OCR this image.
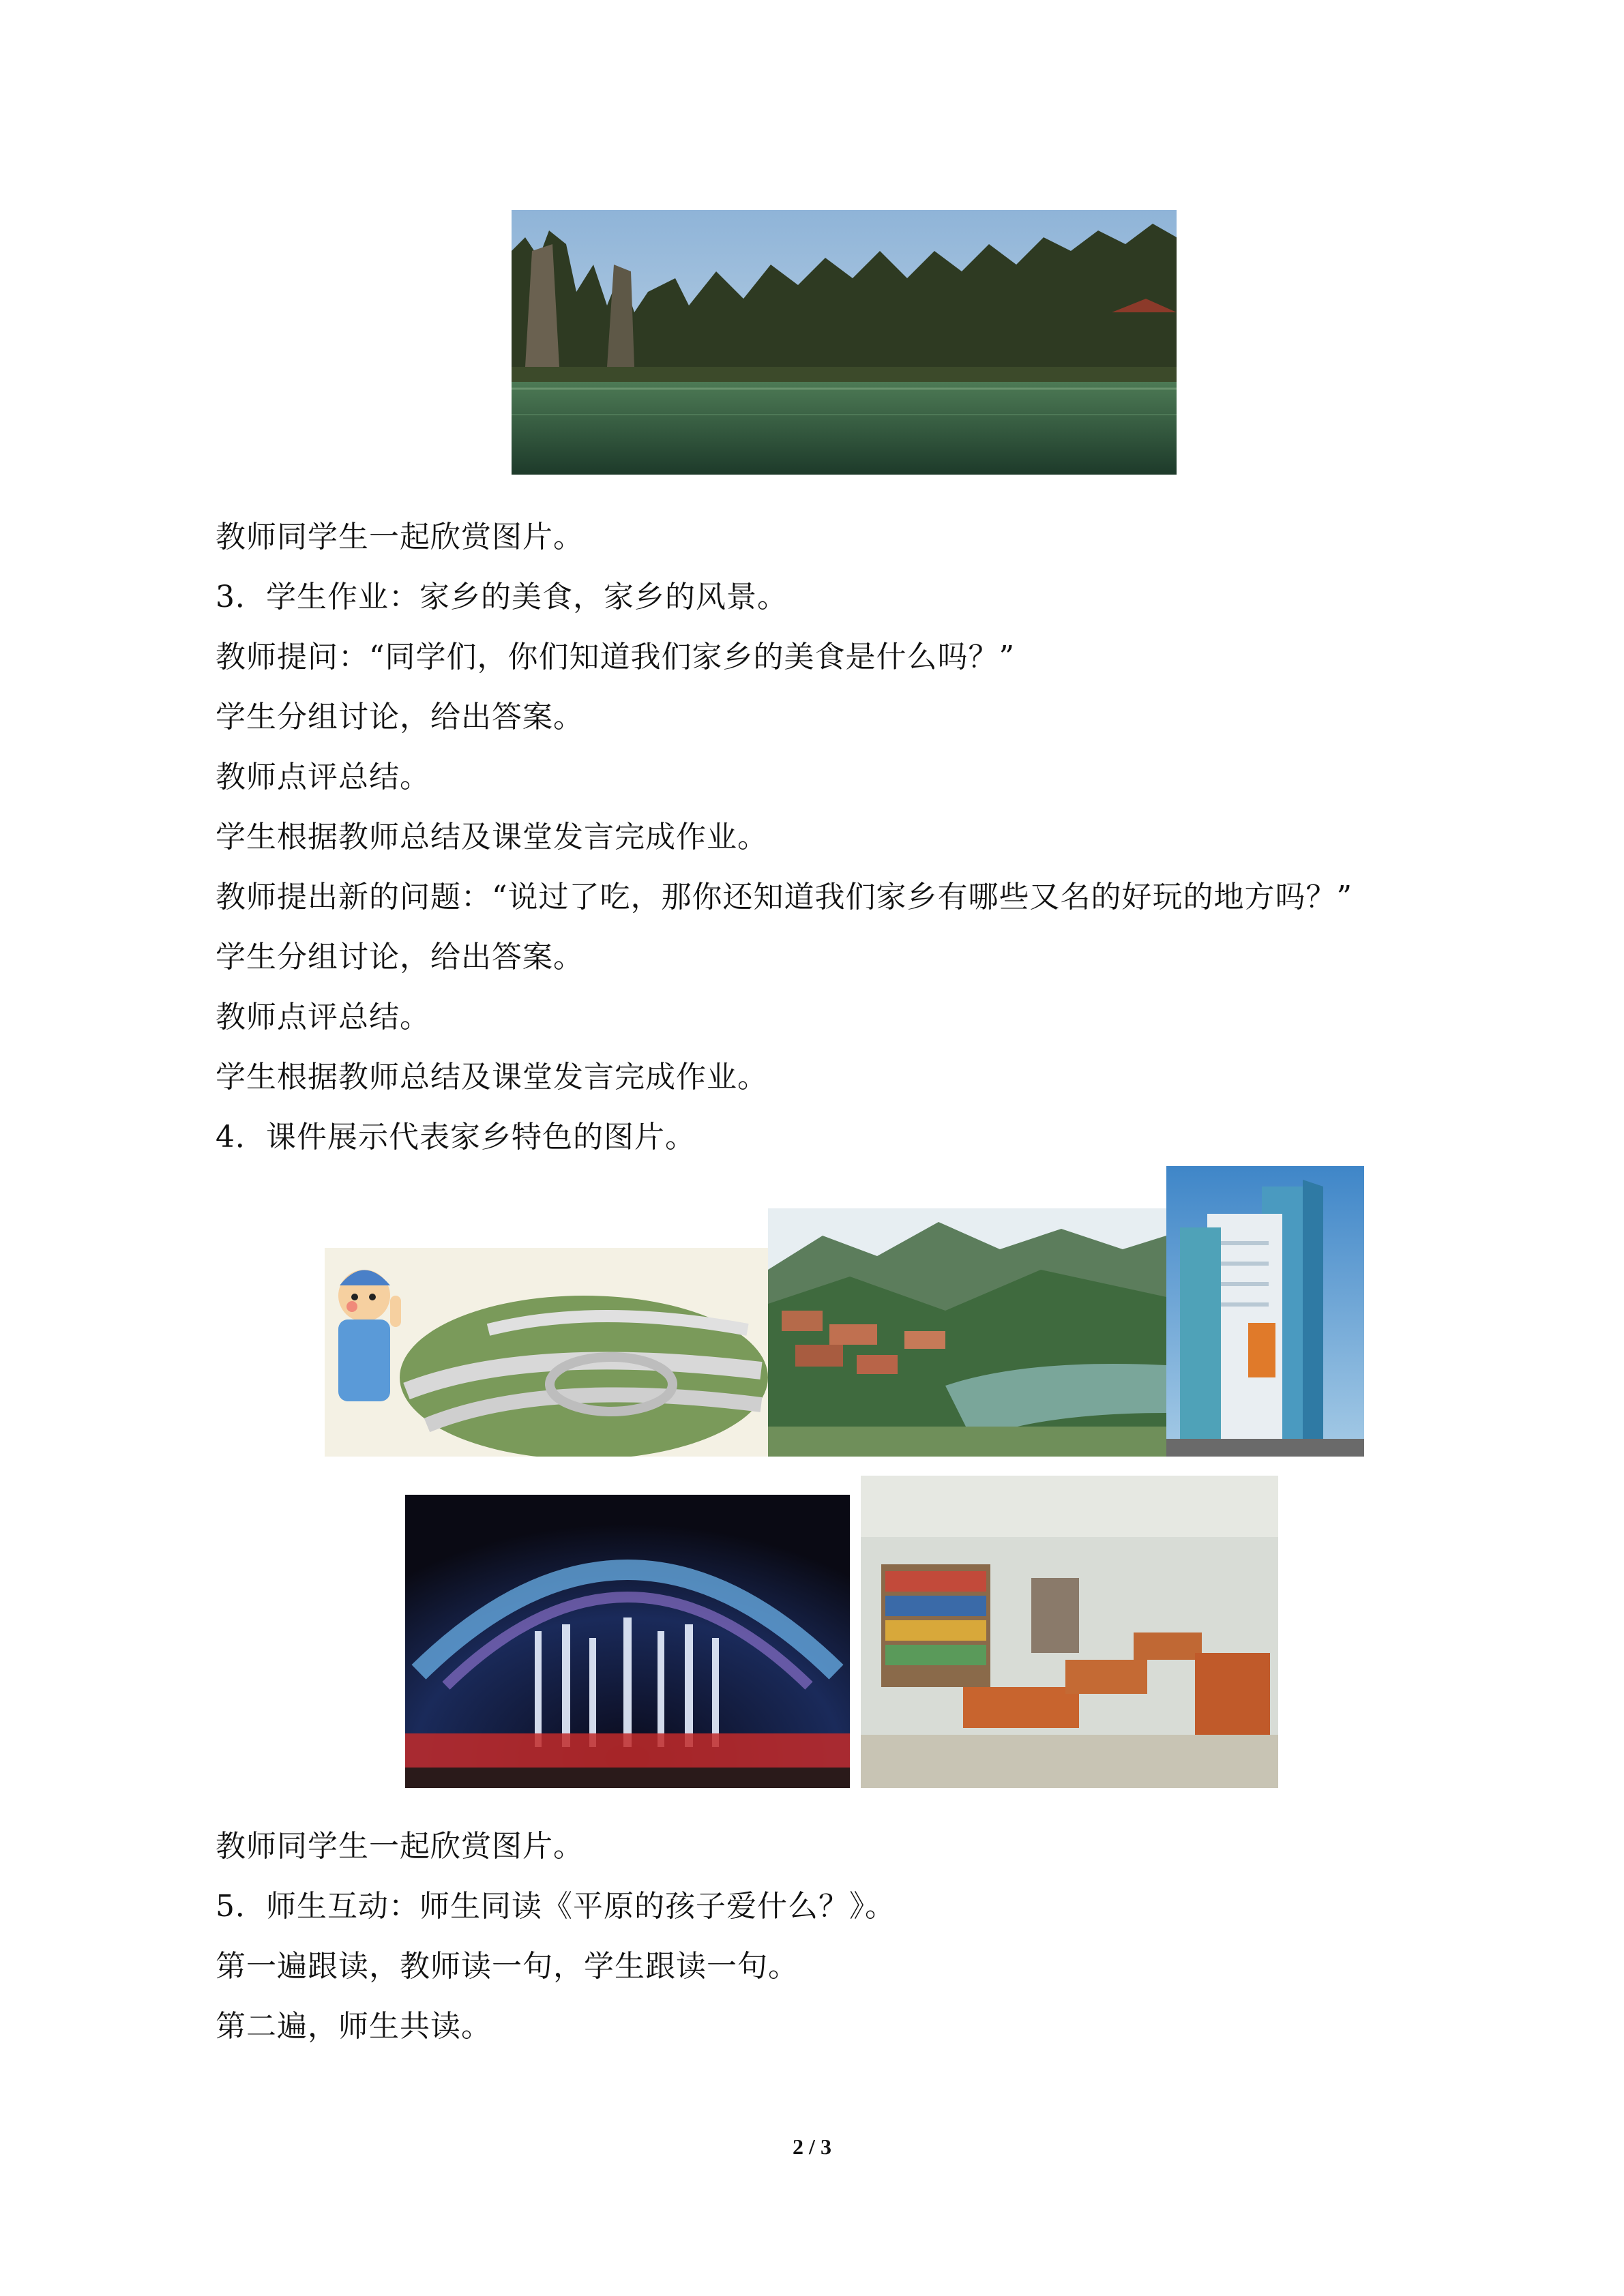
教师同学生一起欣赏图片。

3．学生作业：家乡的美食，家乡的风景。

教师提问：“同学们，你们知道我们家乡的美食是什么吗？”

学生分组讨论，给出答案。

教师点评总结。

学生根据教师总结及课堂发言完成作业。

教师提出新的问题：“说过了吃，那你还知道我们家乡有哪些又名的好玩的地方吗？”

学生分组讨论，给出答案。

教师点评总结。

学生根据教师总结及课堂发言完成作业。

4．课件展示代表家乡特色的图片。

教师同学生一起欣赏图片。

5．师生互动：师生同读《平原的孩子爱什么？》。

第一遍跟读，教师读一句，学生跟读一句。

第二遍，师生共读。

2 / 3
